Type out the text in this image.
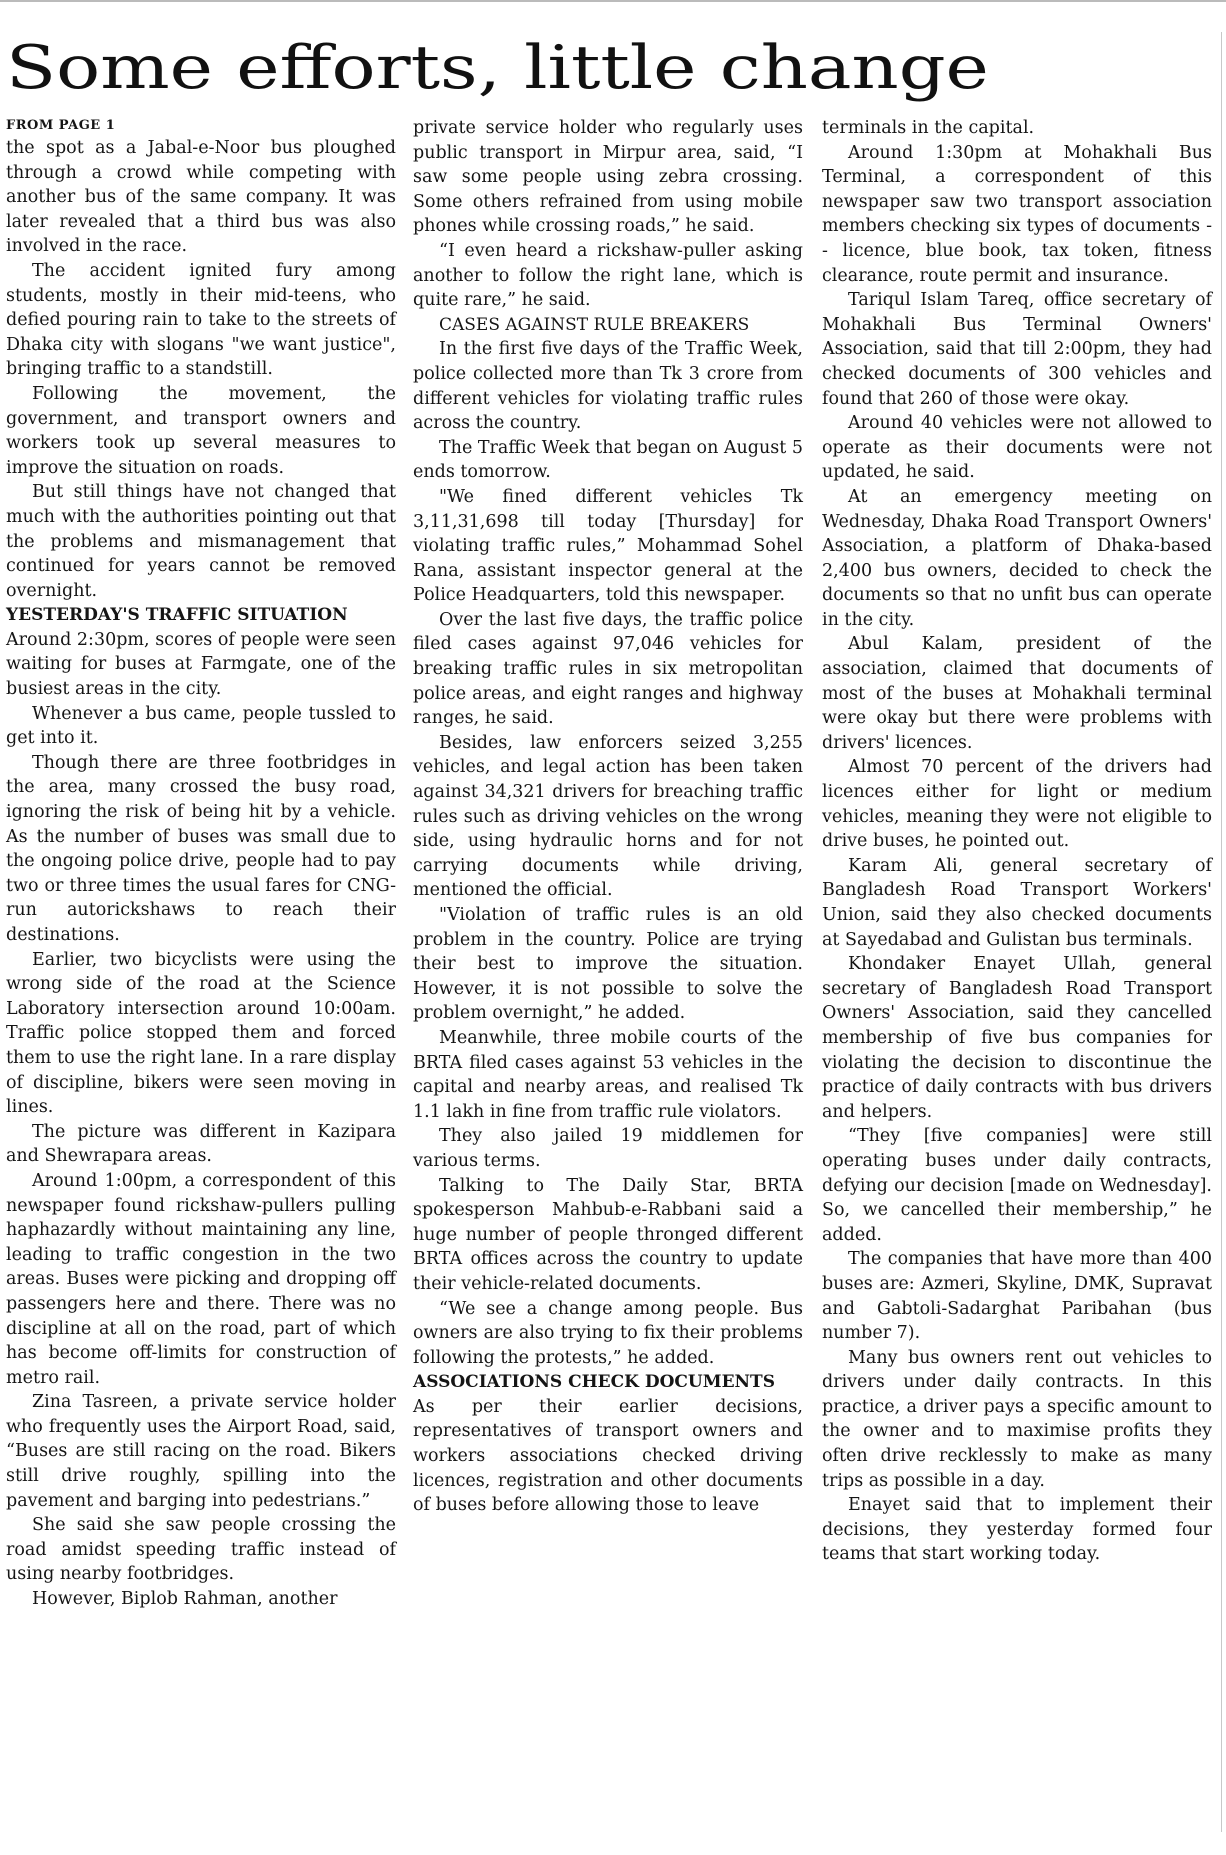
Some efforts, little change

FROM PAGE 1

the spot as a Jabal-e-Noor bus ploughed through a crowd while competing with another bus of the same company. It was later revealed that a third bus was also involved in the race.

The accident ignited fury among students, mostly in their mid-teens, who defied pouring rain to take to the streets of Dhaka city with slogans "we want justice", bringing traffic to a standstill.

Following the movement, the government, and transport owners and workers took up several measures to improve the situation on roads.

But still things have not changed that much with the authorities pointing out that the problems and mismanagement that continued for years cannot be removed overnight.

YESTERDAY'S TRAFFIC SITUATION

Around 2:30pm, scores of people were seen waiting for buses at Farmgate, one of the busiest areas in the city.

Whenever a bus came, people tussled to get into it.

Though there are three footbridges in the area, many crossed the busy road, ignoring the risk of being hit by a vehicle. As the number of buses was small due to the ongoing police drive, people had to pay two or three times the usual fares for CNG-run autorickshaws to reach their destinations.

Earlier, two bicyclists were using the wrong side of the road at the Science Laboratory intersection around 10:00am. Traffic police stopped them and forced them to use the right lane. In a rare display of discipline, bikers were seen moving in lines.

The picture was different in Kazipara and Shewrapara areas.

Around 1:00pm, a correspondent of this newspaper found rickshaw-pullers pulling haphazardly without maintaining any line, leading to traffic congestion in the two areas. Buses were picking and dropping off passengers here and there. There was no discipline at all on the road, part of which has become off-limits for construction of metro rail.

Zina Tasreen, a private service holder who frequently uses the Airport Road, said, “Buses are still racing on the road. Bikers still drive roughly, spilling into the pavement and barging into pedestrians.”

She said she saw people crossing the road amidst speeding traffic instead of using nearby footbridges.

However, Biplob Rahman, another

private service holder who regularly uses public transport in Mirpur area, said, “I saw some people using zebra crossing. Some others refrained from using mobile phones while crossing roads,” he said.

“I even heard a rickshaw-puller asking another to follow the right lane, which is quite rare,” he said.

CASES AGAINST RULE BREAKERS

In the first five days of the Traffic Week, police collected more than Tk 3 crore from different vehicles for violating traffic rules across the country.

The Traffic Week that began on August 5 ends tomorrow.

"We fined different vehicles Tk 3,11,31,698 till today [Thursday] for violating traffic rules,” Mohammad Sohel Rana, assistant inspector general at the Police Headquarters, told this newspaper.

Over the last five days, the traffic police filed cases against 97,046 vehicles for breaking traffic rules in six metropolitan police areas, and eight ranges and highway ranges, he said.

Besides, law enforcers seized 3,255 vehicles, and legal action has been taken against 34,321 drivers for breaching traffic rules such as driving vehicles on the wrong side, using hydraulic horns and for not carrying documents while driving, mentioned the official.

"Violation of traffic rules is an old problem in the country. Police are trying their best to improve the situation. However, it is not possible to solve the problem overnight,” he added.

Meanwhile, three mobile courts of the BRTA filed cases against 53 vehicles in the capital and nearby areas, and realised Tk 1.1 lakh in fine from traffic rule violators.

They also jailed 19 middlemen for various terms.

Talking to The Daily Star, BRTA spokesperson Mahbub-e-Rabbani said a huge number of people thronged different BRTA offices across the country to update their vehicle-related documents.

“We see a change among people. Bus owners are also trying to fix their problems following the protests,” he added.

ASSOCIATIONS CHECK DOCUMENTS

As per their earlier decisions, representatives of transport owners and workers associations checked driving licences, registration and other documents of buses before allowing those to leave

terminals in the capital.

Around 1:30pm at Mohakhali Bus Terminal, a correspondent of this newspaper saw two transport association members checking six types of documents -- licence, blue book, tax token, fitness clearance, route permit and insurance.

Tariqul Islam Tareq, office secretary of Mohakhali Bus Terminal Owners' Association, said that till 2:00pm, they had checked documents of 300 vehicles and found that 260 of those were okay.

Around 40 vehicles were not allowed to operate as their documents were not updated, he said.

At an emergency meeting on Wednesday, Dhaka Road Transport Owners' Association, a platform of Dhaka-based 2,400 bus owners, decided to check the documents so that no unfit bus can operate in the city.

Abul Kalam, president of the association, claimed that documents of most of the buses at Mohakhali terminal were okay but there were problems with drivers' licences.

Almost 70 percent of the drivers had licences either for light or medium vehicles, meaning they were not eligible to drive buses, he pointed out.

Karam Ali, general secretary of Bangladesh Road Transport Workers' Union, said they also checked documents at Sayedabad and Gulistan bus terminals.

Khondaker Enayet Ullah, general secretary of Bangladesh Road Transport Owners' Association, said they cancelled membership of five bus companies for violating the decision to discontinue the practice of daily contracts with bus drivers and helpers.

“They [five companies] were still operating buses under daily contracts, defying our decision [made on Wednesday]. So, we cancelled their membership,” he added.

The companies that have more than 400 buses are: Azmeri, Skyline, DMK, Supravat and Gabtoli-Sadarghat Paribahan (bus number 7).

Many bus owners rent out vehicles to drivers under daily contracts. In this practice, a driver pays a specific amount to the owner and to maximise profits they often drive recklessly to make as many trips as possible in a day.

Enayet said that to implement their decisions, they yesterday formed four teams that start working today.
